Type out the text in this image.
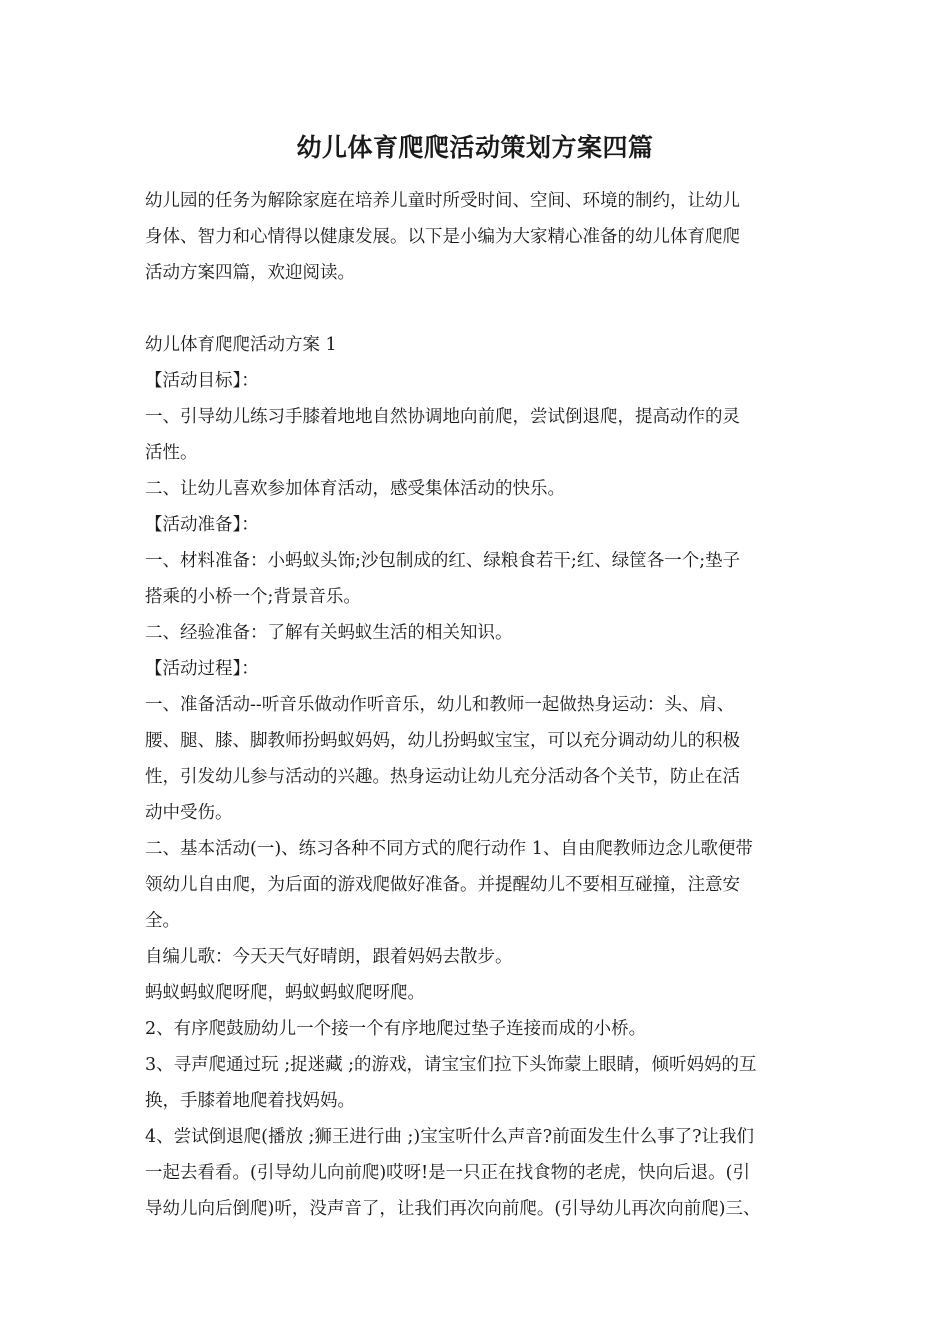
幼儿体育爬爬活动策划方案四篇

幼儿园的任务为解除家庭在培养儿童时所受时间、空间、环境的制约，让幼儿

身体、智力和心情得以健康发展。以下是小编为大家精心准备的幼儿体育爬爬

活动方案四篇，欢迎阅读。

幼儿体育爬爬活动方案 1

【活动目标】：

一、引导幼儿练习手膝着地地自然协调地向前爬，尝试倒退爬，提高动作的灵

活性。

二、让幼儿喜欢参加体育活动，感受集体活动的快乐。

【活动准备】：

一、材料准备：小蚂蚁头饰;沙包制成的红、绿粮食若干;红、绿筐各一个;垫子

搭乘的小桥一个;背景音乐。

二、经验准备：了解有关蚂蚁生活的相关知识。

【活动过程】：

一、准备活动--听音乐做动作听音乐，幼儿和教师一起做热身运动：头、肩、

腰、腿、膝、脚教师扮蚂蚁妈妈，幼儿扮蚂蚁宝宝，可以充分调动幼儿的积极

性，引发幼儿参与活动的兴趣。热身运动让幼儿充分活动各个关节，防止在活

动中受伤。

二、基本活动(一)、练习各种不同方式的爬行动作 1、自由爬教师边念儿歌便带

领幼儿自由爬，为后面的游戏爬做好准备。并提醒幼儿不要相互碰撞，注意安

全。

自编儿歌：今天天气好晴朗，跟着妈妈去散步。

蚂蚁蚂蚁爬呀爬，蚂蚁蚂蚁爬呀爬。

2、有序爬鼓励幼儿一个接一个有序地爬过垫子连接而成的小桥。

3、寻声爬通过玩 ;捉迷藏 ;的游戏，请宝宝们拉下头饰蒙上眼睛，倾听妈妈的互

换，手膝着地爬着找妈妈。

4、尝试倒退爬(播放 ;狮王进行曲 ;)宝宝听什么声音?前面发生什么事了?让我们

一起去看看。(引导幼儿向前爬)哎呀!是一只正在找食物的老虎，快向后退。(引

导幼儿向后倒爬)听，没声音了，让我们再次向前爬。(引导幼儿再次向前爬)三、
